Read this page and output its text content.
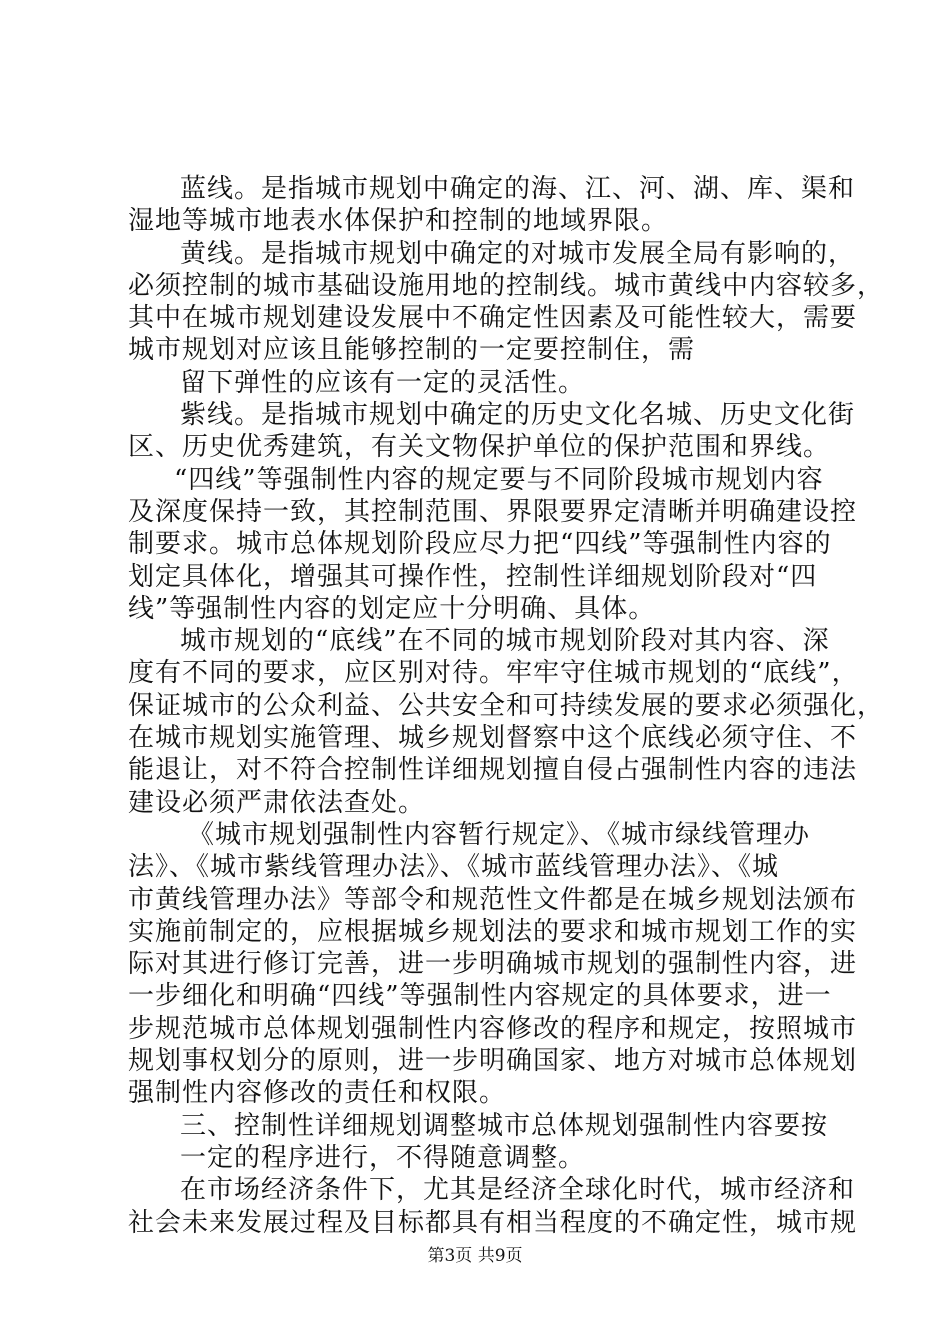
蓝线。是指城市规划中确定的海、江、河、湖、库、渠和
湿地等城市地表水体保护和控制的地域界限。
黄线。是指城市规划中确定的对城市发展全局有影响的，
必须控制的城市基础设施用地的控制线。城市黄线中内容较多，
其中在城市规划建设发展中不确定性因素及可能性较大，需要
城市规划对应该且能够控制的一定要控制住，需
留下弹性的应该有一定的灵活性。
紫线。是指城市规划中确定的历史文化名城、历史文化街
区、历史优秀建筑，有关文物保护单位的保护范围和界线。
“四线”等强制性内容的规定要与不同阶段城市规划内容
及深度保持一致，其控制范围、界限要界定清晰并明确建设控
制要求。城市总体规划阶段应尽力把“四线”等强制性内容的
划定具体化，增强其可操作性，控制性详细规划阶段对“四
线”等强制性内容的划定应十分明确、具体。
城市规划的“底线”在不同的城市规划阶段对其内容、深
度有不同的要求，应区别对待。牢牢守住城市规划的“底线”，
保证城市的公众利益、公共安全和可持续发展的要求必须强化，
在城市规划实施管理、城乡规划督察中这个底线必须守住、不
能退让，对不符合控制性详细规划擅自侵占强制性内容的违法
建设必须严肃依法查处。
《城市规划强制性内容暂行规定》、《城市绿线管理办
法》、《城市紫线管理办法》、《城市蓝线管理办法》、《城
市黄线管理办法》等部令和规范性文件都是在城乡规划法颁布
实施前制定的，应根据城乡规划法的要求和城市规划工作的实
际对其进行修订完善，进一步明确城市规划的强制性内容，进
一步细化和明确“四线”等强制性内容规定的具体要求，进一
步规范城市总体规划强制性内容修改的程序和规定，按照城市
规划事权划分的原则，进一步明确国家、地方对城市总体规划
强制性内容修改的责任和权限。
三、控制性详细规划调整城市总体规划强制性内容要按
一定的程序进行，不得随意调整。
在市场经济条件下，尤其是经济全球化时代，城市经济和
社会未来发展过程及目标都具有相当程度的不确定性，城市规
第3页 共9页
